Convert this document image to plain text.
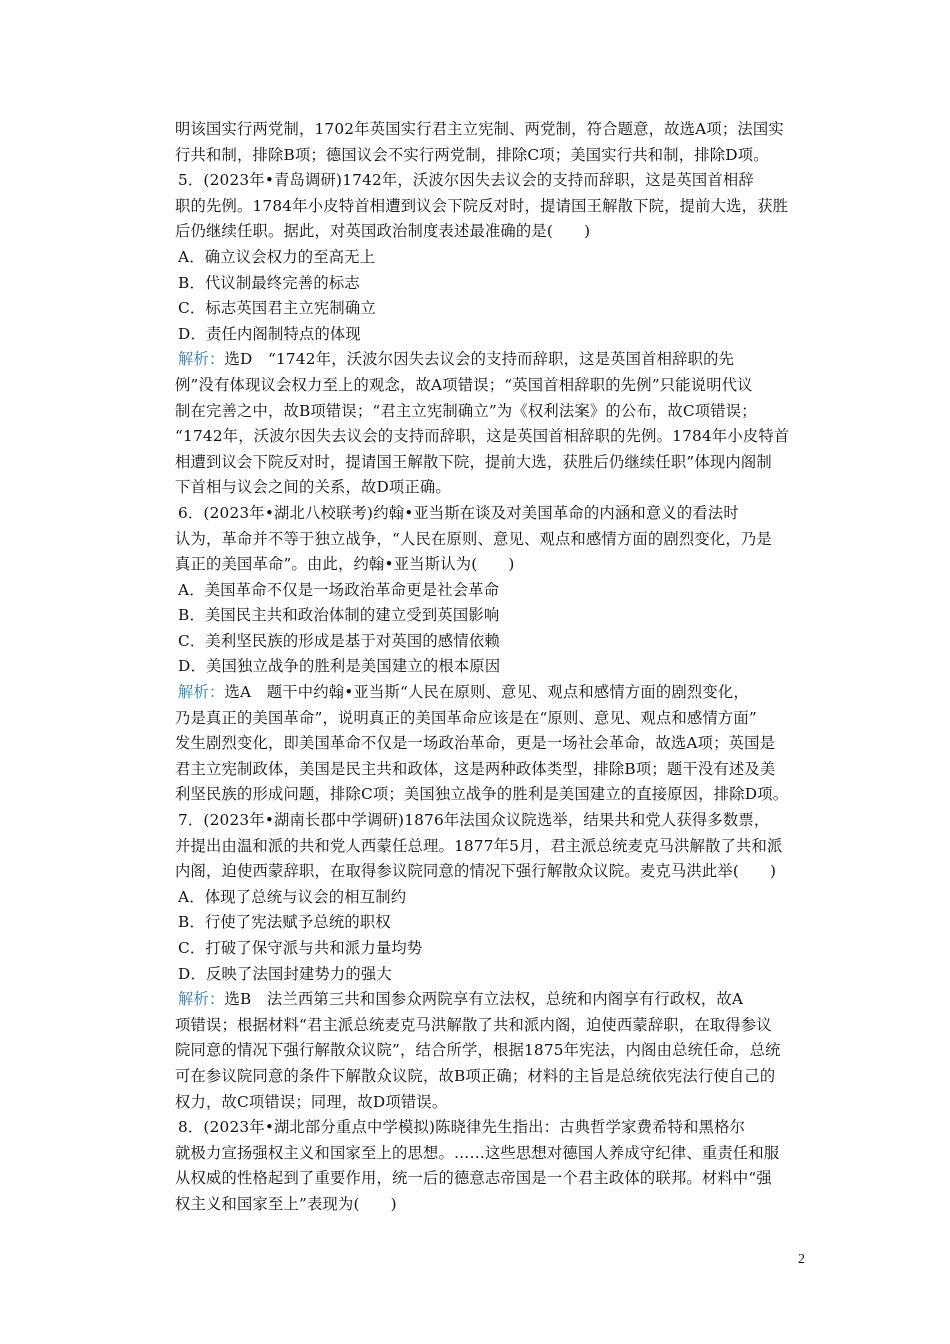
明该国实行两党制，1702年英国实行君主立宪制、两党制，符合题意，故选A项；法国实
行共和制，排除B项；德国议会不实行两党制，排除C项；美国实行共和制，排除D项。
5．(2023年•青岛调研)1742年，沃波尔因失去议会的支持而辞职，这是英国首相辞
职的先例。1784年小皮特首相遭到议会下院反对时，提请国王解散下院，提前大选，获胜
后仍继续任职。据此，对英国政治制度表述最准确的是(　　)
A．确立议会权力的至高无上
B．代议制最终完善的标志
C．标志英国君主立宪制确立
D．责任内阁制特点的体现
解析：选D　“1742年，沃波尔因失去议会的支持而辞职，这是英国首相辞职的先
例”没有体现议会权力至上的观念，故A项错误；“英国首相辞职的先例”只能说明代议
制在完善之中，故B项错误；“君主立宪制确立”为《权利法案》的公布，故C项错误；
“1742年，沃波尔因失去议会的支持而辞职，这是英国首相辞职的先例。1784年小皮特首
相遭到议会下院反对时，提请国王解散下院，提前大选，获胜后仍继续任职”体现内阁制
下首相与议会之间的关系，故D项正确。
6．(2023年•湖北八校联考)约翰•亚当斯在谈及对美国革命的内涵和意义的看法时
认为，革命并不等于独立战争，“人民在原则、意见、观点和感情方面的剧烈变化，乃是
真正的美国革命”。由此，约翰•亚当斯认为(　　)
A．美国革命不仅是一场政治革命更是社会革命
B．美国民主共和政治体制的建立受到英国影响
C．美利坚民族的形成是基于对英国的感情依赖
D．美国独立战争的胜利是美国建立的根本原因
解析：选A　题干中约翰•亚当斯“人民在原则、意见、观点和感情方面的剧烈变化，
乃是真正的美国革命”，说明真正的美国革命应该是在“原则、意见、观点和感情方面”
发生剧烈变化，即美国革命不仅是一场政治革命，更是一场社会革命，故选A项；英国是
君主立宪制政体，美国是民主共和政体，这是两种政体类型，排除B项；题干没有述及美
利坚民族的形成问题，排除C项；美国独立战争的胜利是美国建立的直接原因，排除D项。
7．(2023年•湖南长郡中学调研)1876年法国众议院选举，结果共和党人获得多数票，
并提出由温和派的共和党人西蒙任总理。1877年5月，君主派总统麦克马洪解散了共和派
内阁，迫使西蒙辞职，在取得参议院同意的情况下强行解散众议院。麦克马洪此举(　　)
A．体现了总统与议会的相互制约
B．行使了宪法赋予总统的职权
C．打破了保守派与共和派力量均势
D．反映了法国封建势力的强大
解析：选B　法兰西第三共和国参众两院享有立法权，总统和内阁享有行政权，故A
项错误；根据材料“君主派总统麦克马洪解散了共和派内阁，迫使西蒙辞职，在取得参议
院同意的情况下强行解散众议院”，结合所学，根据1875年宪法，内阁由总统任命，总统
可在参议院同意的条件下解散众议院，故B项正确；材料的主旨是总统依宪法行使自己的
权力，故C项错误；同理，故D项错误。
8．(2023年•湖北部分重点中学模拟)陈晓律先生指出：古典哲学家费希特和黑格尔
就极力宣扬强权主义和国家至上的思想。……这些思想对德国人养成守纪律、重责任和服
从权威的性格起到了重要作用，统一后的德意志帝国是一个君主政体的联邦。材料中“强
权主义和国家至上”表现为(　　)
2
